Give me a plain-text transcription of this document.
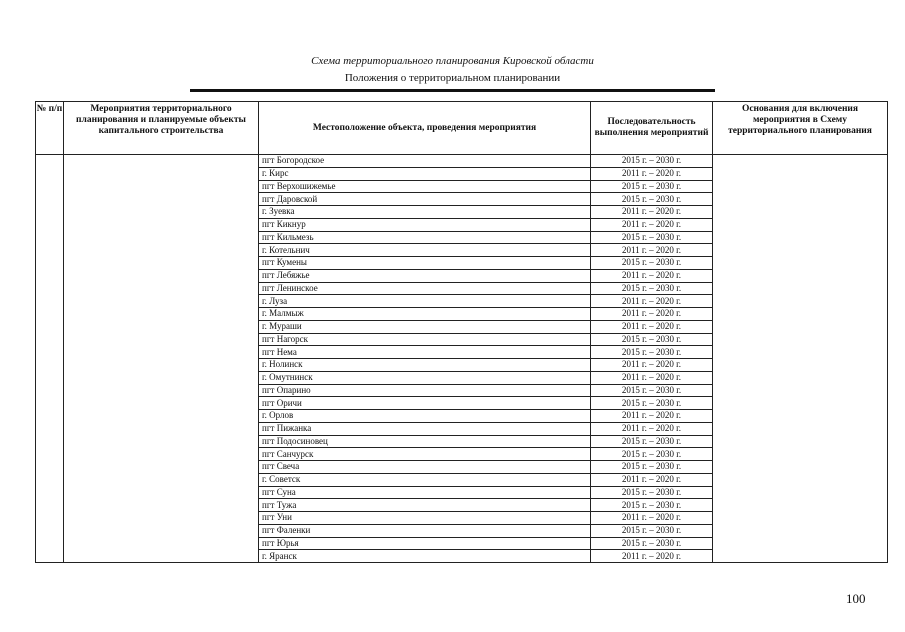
Схема территориального планирования Кировской области
Положения о территориальном планировании
№ п/п	Мероприятия территориального планирования и планируемые объекты капитального строительства	Местоположение объекта, проведения мероприятия	Последовательность выполнения мероприятий	Основания для включения мероприятия в Схему территориального планирования
		пгт Богородское	2015 г. – 2030 г.	
		г. Кирс	2011 г. – 2020 г.	
		пгт Верхошижемье	2015 г. – 2030 г.	
		пгт Даровской	2015 г. – 2030 г.	
		г. Зуевка	2011 г. – 2020 г.	
		пгт Кикнур	2011 г. – 2020 г.	
		пгт Кильмезь	2015 г. – 2030 г.	
		г. Котельнич	2011 г. – 2020 г.	
		пгт Кумены	2015 г. – 2030 г.	
		пгт Лебяжье	2011 г. – 2020 г.	
		пгт Ленинское	2015 г. – 2030 г.	
		г. Луза	2011 г. – 2020 г.	
		г. Малмыж	2011 г. – 2020 г.	
		г. Мураши	2011 г. – 2020 г.	
		пгт Нагорск	2015 г. – 2030 г.	
		пгт Нема	2015 г. – 2030 г.	
		г. Нолинск	2011 г. – 2020 г.	
		г. Омутнинск	2011 г. – 2020 г.	
		пгт Опарино	2015 г. – 2030 г.	
		пгт Оричи	2015 г. – 2030 г.	
		г. Орлов	2011 г. – 2020 г.	
		пгт Пижанка	2011 г. – 2020 г.	
		пгт Подосиновец	2015 г. – 2030 г.	
		пгт Санчурск	2015 г. – 2030 г.	
		пгт Свеча	2015 г. – 2030 г.	
		г. Советск	2011 г. – 2020 г.	
		пгт Суна	2015 г. – 2030 г.	
		пгт Тужа	2015 г. – 2030 г.	
		пгт Уни	2011 г. – 2020 г.	
		пгт Фаленки	2015 г. – 2030 г.	
		пгт Юрья	2015 г. – 2030 г.	
		г. Яранск	2011 г. – 2020 г.	
100
